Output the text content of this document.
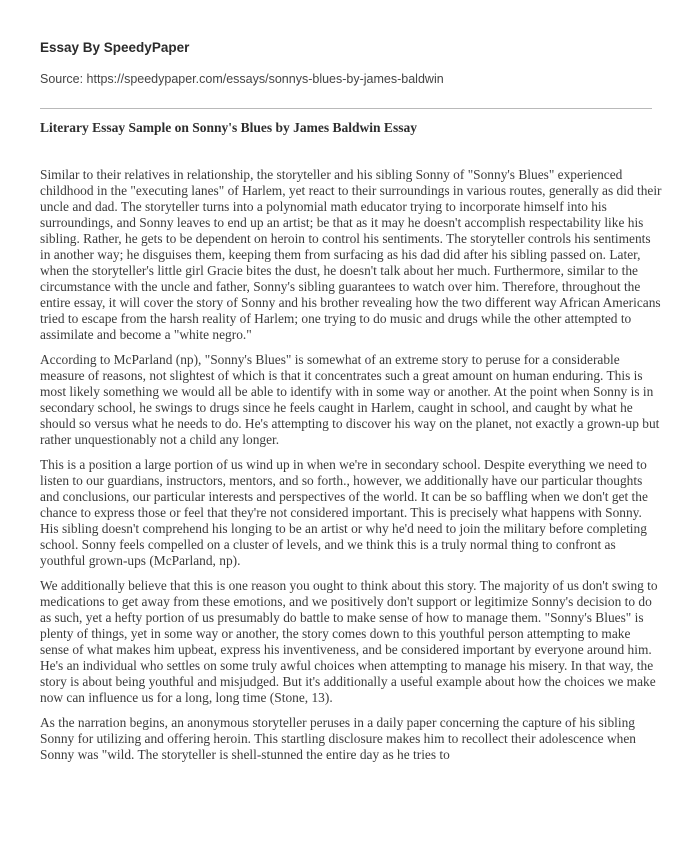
Essay By SpeedyPaper
Source: https://speedypaper.com/essays/sonnys-blues-by-james-baldwin
Literary Essay Sample on Sonny's Blues by James Baldwin Essay

Similar to their relatives in relationship, the storyteller and his sibling Sonny of "Sonny's Blues" experienced childhood in the "executing lanes" of Harlem, yet react to their surroundings in various routes, generally as did their uncle and dad. The storyteller turns into a polynomial math educator trying to incorporate himself into his surroundings, and Sonny leaves to end up an artist; be that as it may he doesn't accomplish respectability like his sibling. Rather, he gets to be dependent on heroin to control his sentiments. The storyteller controls his sentiments in another way; he disguises them, keeping them from surfacing as his dad did after his sibling passed on. Later, when the storyteller's little girl Gracie bites the dust, he doesn't talk about her much. Furthermore, similar to the circumstance with the uncle and father, Sonny's sibling guarantees to watch over him. Therefore, throughout the entire essay, it will cover the story of Sonny and his brother revealing how the two different way African Americans tried to escape from the harsh reality of Harlem; one trying to do music and drugs while the other attempted to assimilate and become a "white negro."

According to McParland (np), "Sonny's Blues" is somewhat of an extreme story to peruse for a considerable measure of reasons, not slightest of which is that it concentrates such a great amount on human enduring. This is most likely something we would all be able to identify with in some way or another. At the point when Sonny is in secondary school, he swings to drugs since he feels caught in Harlem, caught in school, and caught by what he should so versus what he needs to do. He's attempting to discover his way on the planet, not exactly a grown-up but rather unquestionably not a child any longer.

This is a position a large portion of us wind up in when we're in secondary school. Despite everything we need to listen to our guardians, instructors, mentors, and so forth., however, we additionally have our particular thoughts and conclusions, our particular interests and perspectives of the world. It can be so baffling when we don't get the chance to express those or feel that they're not considered important. This is precisely what happens with Sonny. His sibling doesn't comprehend his longing to be an artist or why he'd need to join the military before completing school. Sonny feels compelled on a cluster of levels, and we think this is a truly normal thing to confront as youthful grown-ups (McParland, np).

We additionally believe that this is one reason you ought to think about this story. The majority of us don't swing to medications to get away from these emotions, and we positively don't support or legitimize Sonny's decision to do as such, yet a hefty portion of us presumably do battle to make sense of how to manage them. "Sonny's Blues" is plenty of things, yet in some way or another, the story comes down to this youthful person attempting to make sense of what makes him upbeat, express his inventiveness, and be considered important by everyone around him. He's an individual who settles on some truly awful choices when attempting to manage his misery. In that way, the story is about being youthful and misjudged. But it's additionally a useful example about how the choices we make now can influence us for a long, long time (Stone, 13).

As the narration begins, an anonymous storyteller peruses in a daily paper concerning the capture of his sibling Sonny for utilizing and offering heroin. This startling disclosure makes him to recollect their adolescence when Sonny was "wild. The storyteller is shell-stunned the entire day as he tries to
